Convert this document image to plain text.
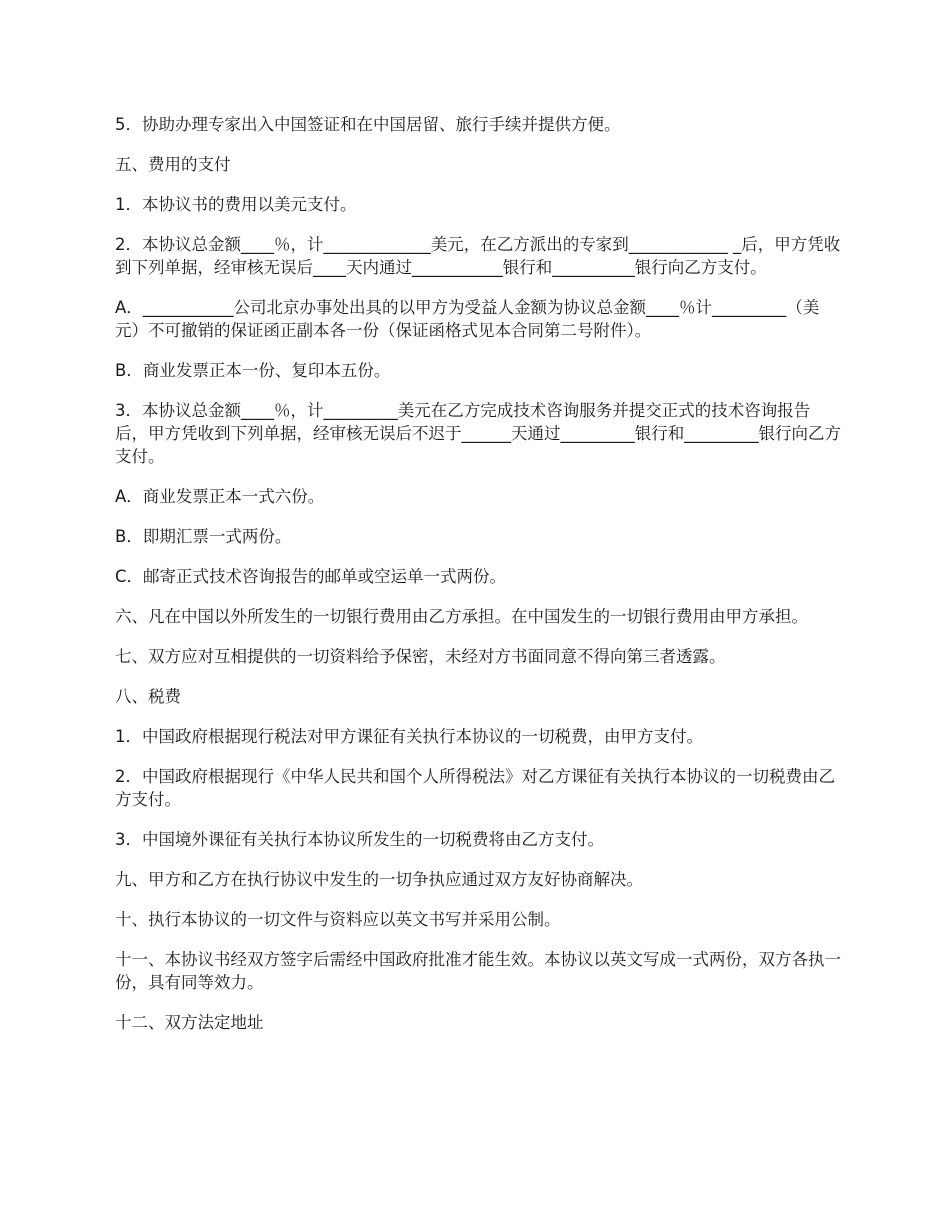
5．协助办理专家出入中国签证和在中国居留、旅行手续并提供方便。

五、费用的支付

1．本协议书的费用以美元支付。

2．本协议总金额____％，计_____________美元，在乙方派出的专家到____________ _后，甲方凭收到下列单据，经审核无误后____天内通过___________银行和__________银行向乙方支付。

A．___________公司北京办事处出具的以甲方为受益人金额为协议总金额____％计_________（美元）不可撤销的保证函正副本各一份（保证函格式见本合同第二号附件）。

B．商业发票正本一份、复印本五份。

3．本协议总金额____％，计_________美元在乙方完成技术咨询服务并提交正式的技术咨询报告后，甲方凭收到下列单据，经审核无误后不迟于______天通过_________银行和_________银行向乙方支付。

A．商业发票正本一式六份。

B．即期汇票一式两份。

C．邮寄正式技术咨询报告的邮单或空运单一式两份。

六、凡在中国以外所发生的一切银行费用由乙方承担。在中国发生的一切银行费用由甲方承担。

七、双方应对互相提供的一切资料给予保密，未经对方书面同意不得向第三者透露。

八、税费

1．中国政府根据现行税法对甲方课征有关执行本协议的一切税费，由甲方支付。

2．中国政府根据现行《中华人民共和国个人所得税法》对乙方课征有关执行本协议的一切税费由乙方支付。

3．中国境外课征有关执行本协议所发生的一切税费将由乙方支付。

九、甲方和乙方在执行协议中发生的一切争执应通过双方友好协商解决。

十、执行本协议的一切文件与资料应以英文书写并采用公制。

十一、本协议书经双方签字后需经中国政府批准才能生效。本协议以英文写成一式两份，双方各执一份，具有同等效力。

十二、双方法定地址
